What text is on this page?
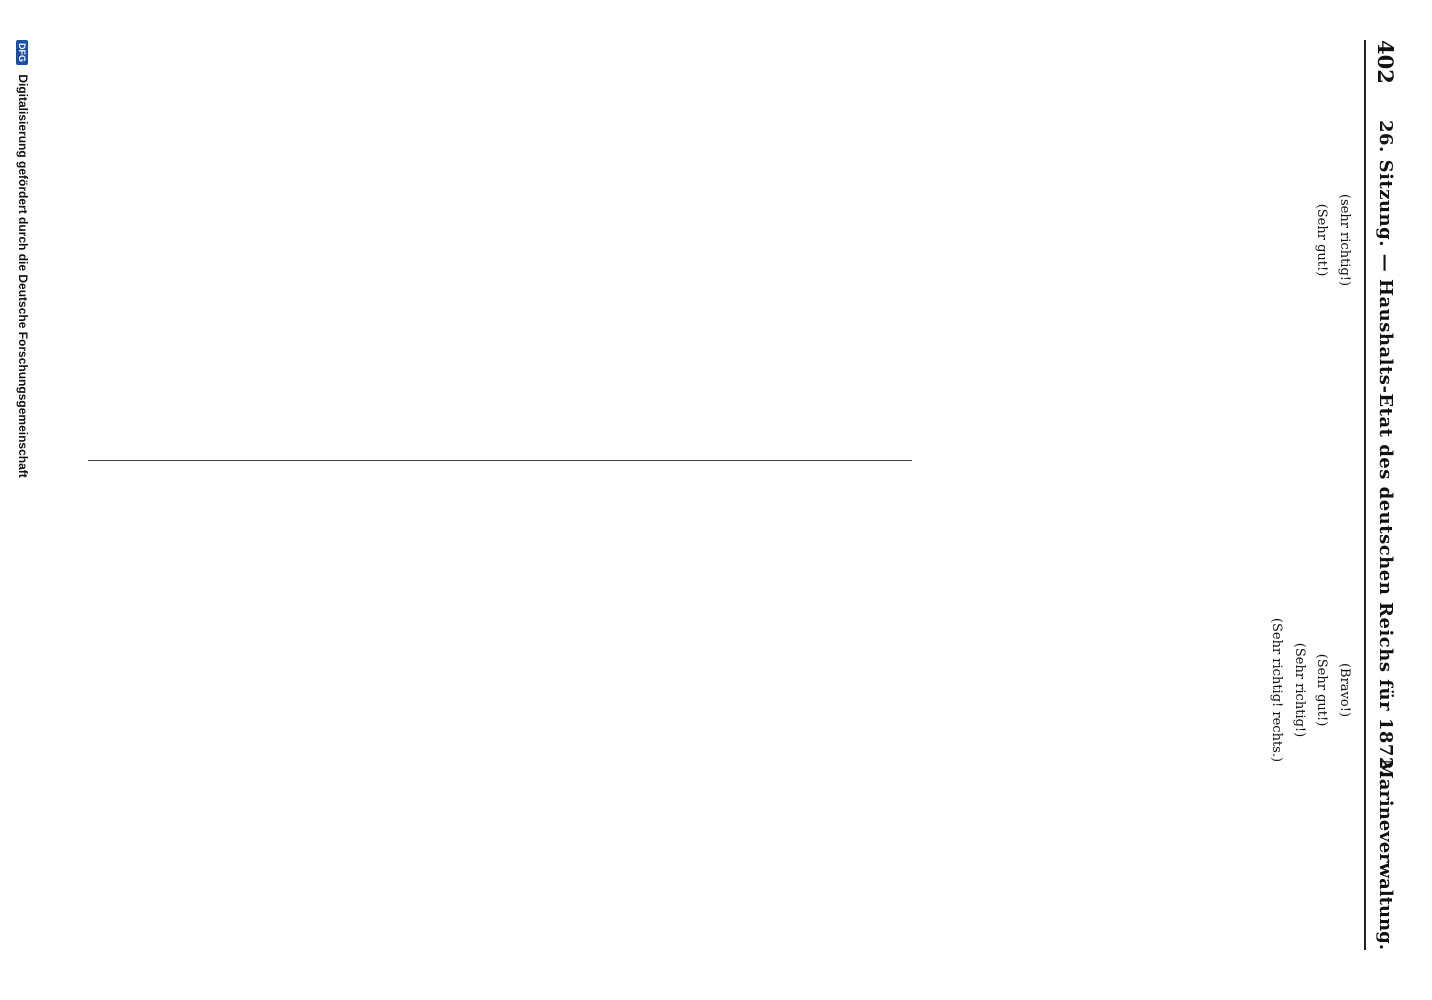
402
26. Sitzung. — Haushalts-Etat des deutschen Reichs für 1872.
Marineverwaltung.

(sehr richtig!)

(Sehr gut!)

(Bravo!)

(Sehr gut!)

(Sehr richtig!)

(Sehr richtig! rechts.)

DFG Digitalisierung gefördert durch die Deutsche Forschungsgemeinschaft
